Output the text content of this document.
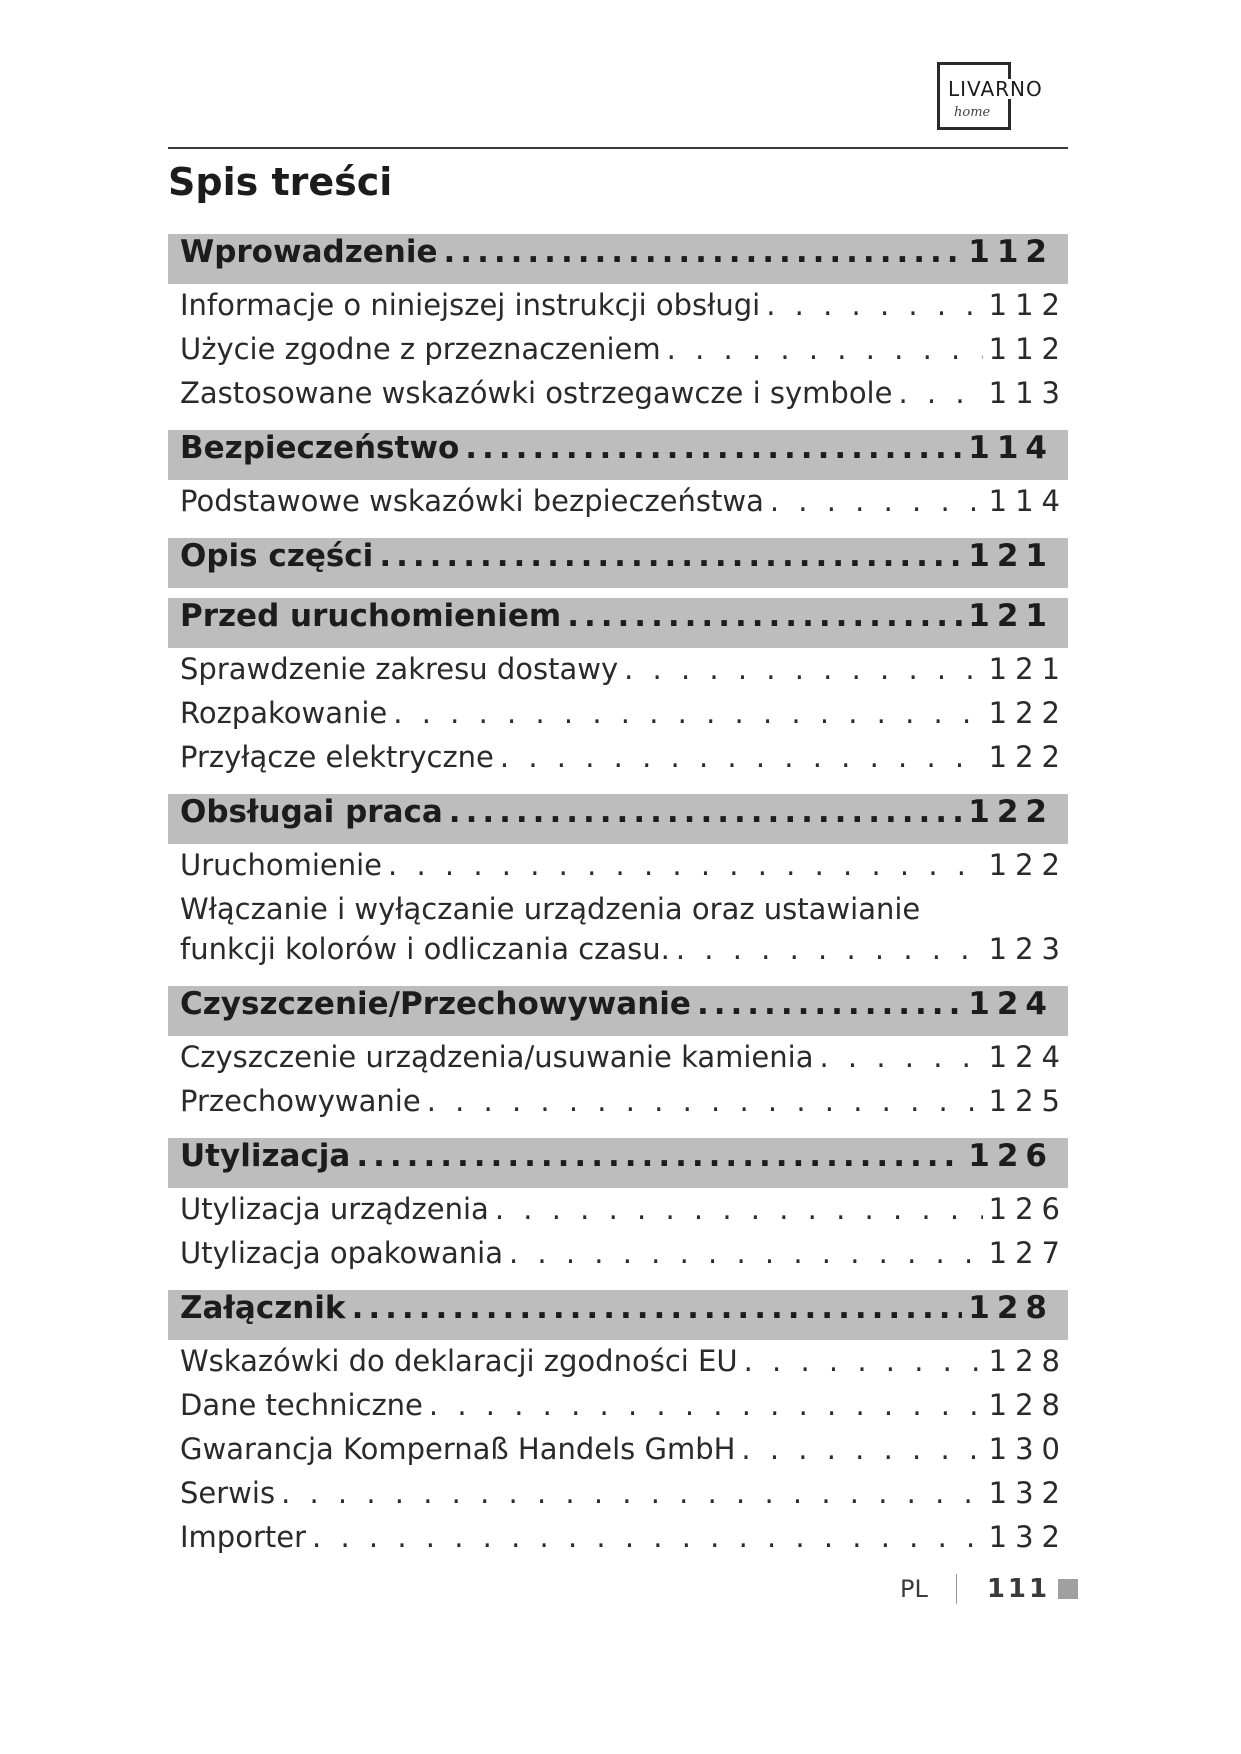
LIVARNO
home
Spis treści
Wprowadzenie .....	112
Informacje o niniejszej instrukcji obsługi . . .	112
Użycie zgodne z przeznaczeniem . . .	112
Zastosowane wskazówki ostrzegawcze i symbole . . .	113
Bezpieczeństwo .....	114
Podstawowe wskazówki bezpieczeństwa . . .	114
Opis części .....	121
Przed uruchomieniem .....	121
Sprawdzenie zakresu dostawy . . .	121
Rozpakowanie . . .	122
Przyłącze elektryczne . . .	122
Obsługai praca .....	122
Uruchomienie . . .	122
Włączanie i wyłączanie urządzenia oraz ustawianie
funkcji kolorów i odliczania czasu. . . .	123
Czyszczenie/Przechowywanie .....	124
Czyszczenie urządzenia/usuwanie kamienia . . .	124
Przechowywanie . . .	125
Utylizacja .....	126
Utylizacja urządzenia . . .	126
Utylizacja opakowania . . .	127
Załącznik .....	128
Wskazówki do deklaracji zgodności EU . . .	128
Dane techniczne . . .	128
Gwarancja Kompernaß Handels GmbH . . .	130
Serwis . . .	132
Importer . . .	132
PL 111
